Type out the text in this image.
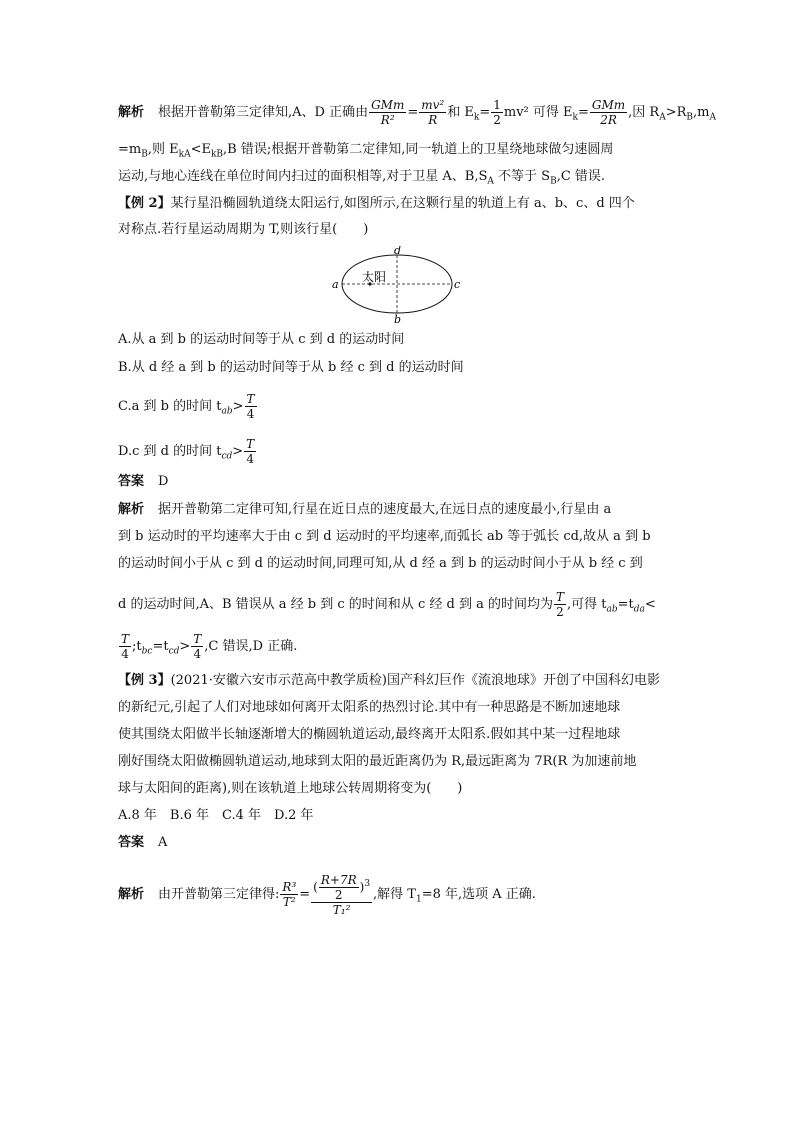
解析 根据开普勒第三定律知,A、D 正确由 $\frac{\text{GMm}}{\text{R²}} = \frac{\text{mv²}}{R}$ 和 $E_k= \frac{1}{2} mv^2$ 可得 $E_k= \frac{\text{GMm}}{2R}$ ,因 $R_A>R_B,m_A$
$=m_B$,则 $E_{kA}<E_{kB},B$ 错误;根据开普勒第二定律知,同一轨道上的卫星绕地球做匀速圆周
运动,与地心连线在单位时间内扫过的面积相等,对于卫星 A、$B,S_A$ 不等于 $S_B,C$ 错误.
【例 2】某行星沿椭圆轨道绕太阳运行,如图所示,在这颗行星的轨道上有 a、b、c、d 四个
对称点.若行星运动周期为 T,则该行星(　　)
太阳
a	c
d
b
A.从 a 到 b 的运动时间等于从 c 到 d 的运动时间
B.从 d 经 a 到 b 的运动时间等于从 b 经 c 到 d 的运动时间
C.a 到 b 的时间 $t_{ab}> \frac{T}{4}$
D.c 到 d 的时间 $t_{cd}> \frac{T}{4}$
答案 D
解析 据开普勒第二定律可知,行星在近日点的速度最大,在远日点的速度最小,行星由 a
到 b 运动时的平均速率大于由 c 到 d 运动时的平均速率,而弧长 ab 等于弧长 cd,故从 a 到 b
的运动时间小于从 c 到 d 的运动时间,同理可知,从 d 经 a 到 b 的运动时间小于从 b 经 c 到
d 的运动时间,A、B 错误从 a 经 b 到 c 的时间和从 c 经 d 到 a 的时间均为 $\frac{T}{2}$ ,可得 $t_{ab}=t_{da}<$
$\frac{T}{4}$ $;t_{bc}=t_{cd}> \frac{T}{4} ,C$ 错误,D 正确.
【例 3】(2021·安徽六安市示范高中教学质检)国产科幻巨作《流浪地球》开创了中国科幻电影
的新纪元,引起了人们对地球如何离开太阳系的热烈讨论.其中有一种思路是不断加速地球
使其围绕太阳做半长轴逐渐增大的椭圆轨道运动,最终离开太阳系.假如其中某一过程地球
刚好围绕太阳做椭圆轨道运动,地球到太阳的最近距离仍为 R,最远距离为 7R(R 为加速前地
球与太阳间的距离),则在该轨道上地球公转周期将变为(　　)
A.8 年　B.6 年　C.4 年　D.2 年
答案 A
解析 由开普勒第三定律得: $\frac{\text{R³}}{\text{T²}} = \frac{( \frac{R+7R}{2} )^3}{\text{T₁²}}$ ,解得 $T_1=8$ 年,选项 A 正确.
